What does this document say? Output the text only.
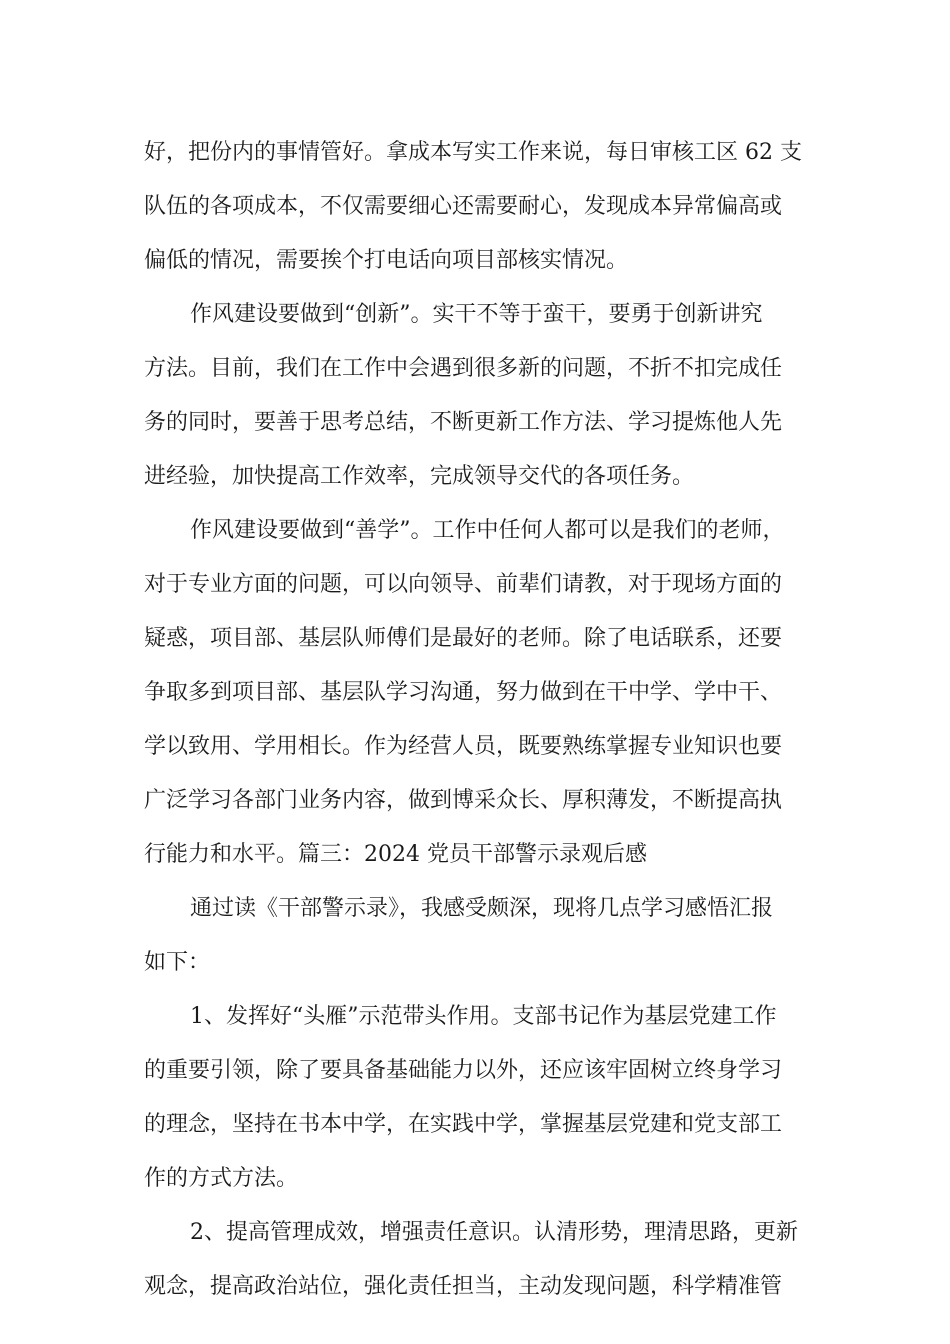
好，把份内的事情管好。拿成本写实工作来说，每日审核工区 62 支
队伍的各项成本，不仅需要细心还需要耐心，发现成本异常偏高或
偏低的情况，需要挨个打电话向项目部核实情况。
作风建设要做到“创新”。实干不等于蛮干，要勇于创新讲究
方法。目前，我们在工作中会遇到很多新的问题，不折不扣完成任
务的同时，要善于思考总结，不断更新工作方法、学习提炼他人先
进经验，加快提高工作效率，完成领导交代的各项任务。
作风建设要做到“善学”。工作中任何人都可以是我们的老师，
对于专业方面的问题，可以向领导、前辈们请教，对于现场方面的
疑惑，项目部、基层队师傅们是最好的老师。除了电话联系，还要
争取多到项目部、基层队学习沟通，努力做到在干中学、学中干、
学以致用、学用相长。作为经营人员，既要熟练掌握专业知识也要
广泛学习各部门业务内容，做到博采众长、厚积薄发，不断提高执
行能力和水平。篇三：2024 党员干部警示录观后感
通过读《干部警示录》，我感受颇深，现将几点学习感悟汇报
如下：
1、发挥好“头雁”示范带头作用。支部书记作为基层党建工作
的重要引领，除了要具备基础能力以外，还应该牢固树立终身学习
的理念，坚持在书本中学，在实践中学，掌握基层党建和党支部工
作的方式方法。
2、提高管理成效，增强责任意识。认清形势，理清思路，更新
观念，提高政治站位，强化责任担当，主动发现问题，科学精准管
